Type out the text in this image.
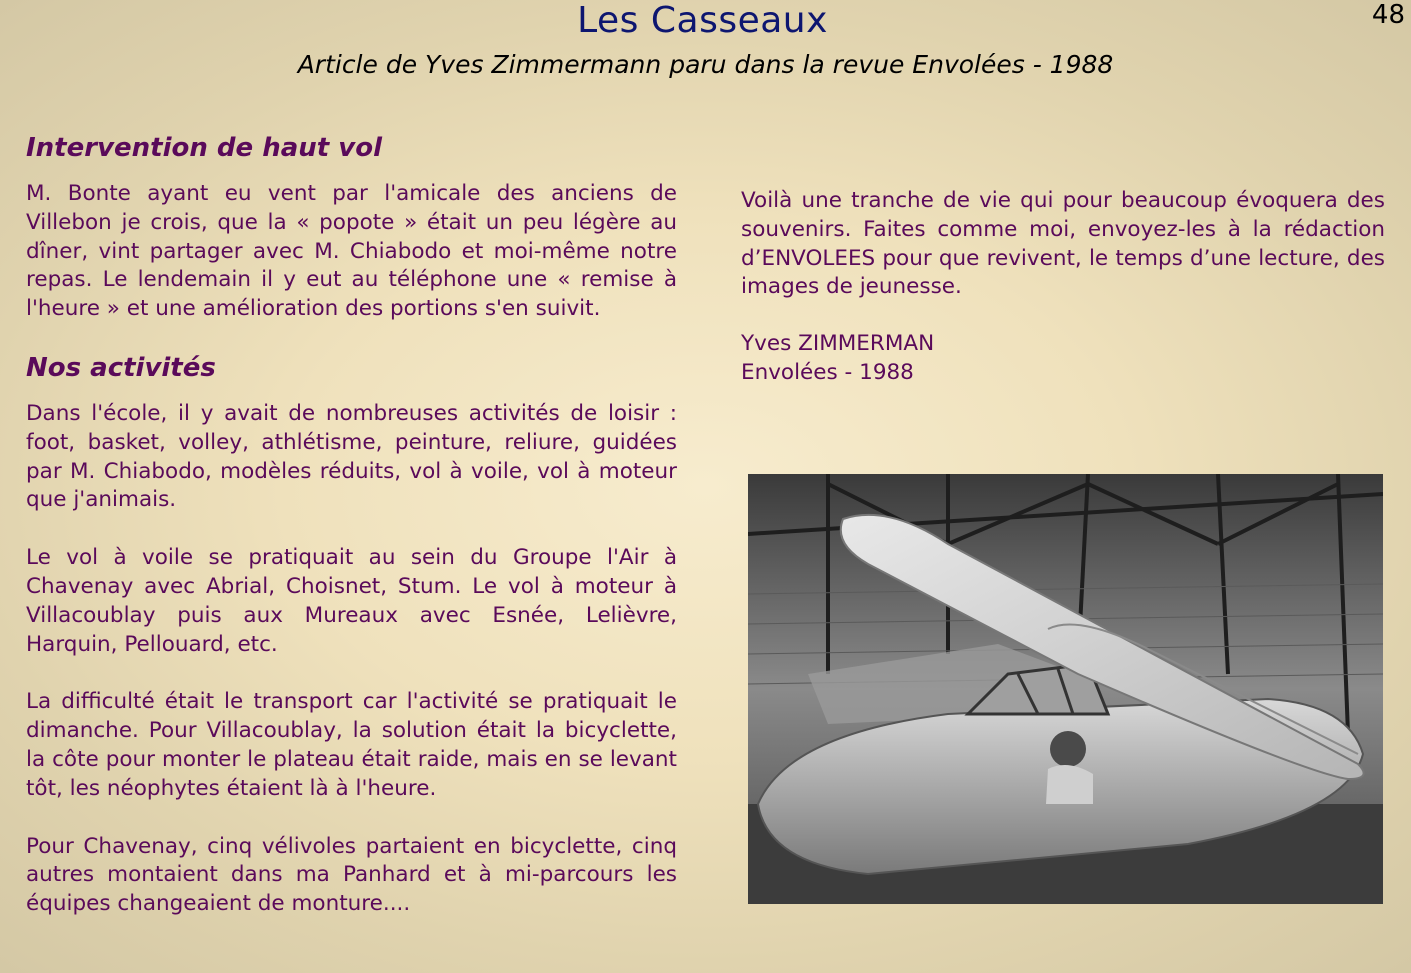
48
Les Casseaux
Article de Yves Zimmermann paru dans la revue Envolées - 1988
Intervention de haut vol

M. Bonte ayant eu vent par l'amicale des anciens de Villebon je crois, que la « popote » était un peu légère au dîner, vint partager avec M. Chiabodo et moi-même notre repas. Le lendemain il y eut au téléphone une « remise à l'heure » et une amélioration des portions s'en suivit.

Nos activités

Dans l'école, il y avait de nombreuses activités de loisir : foot, basket, volley, athlétisme, peinture, reliure, guidées par M. Chiabodo, modèles réduits, vol à voile, vol à moteur que j'animais.

Le vol à voile se pratiquait au sein du Groupe l'Air à Chavenay avec Abrial, Choisnet, Stum. Le vol à moteur à Villacoublay puis aux Mureaux avec Esnée, Lelièvre, Harquin, Pellouard, etc.

La difficulté était le transport car l'activité se pratiquait le dimanche. Pour Villacoublay, la solution était la bicyclette, la côte pour monter le plateau était raide, mais en se levant tôt, les néophytes étaient là à l'heure.

Pour Chavenay, cinq vélivoles partaient en bicyclette, cinq autres montaient dans ma Panhard et à mi-parcours les équipes changeaient de monture....

Voilà une tranche de vie qui pour beaucoup évoquera des souvenirs. Faites comme moi, envoyez-les à la rédaction d’ENVOLEES pour que revivent, le temps d’une lecture, des images de jeunesse.

Yves ZIMMERMAN
Envolées - 1988
